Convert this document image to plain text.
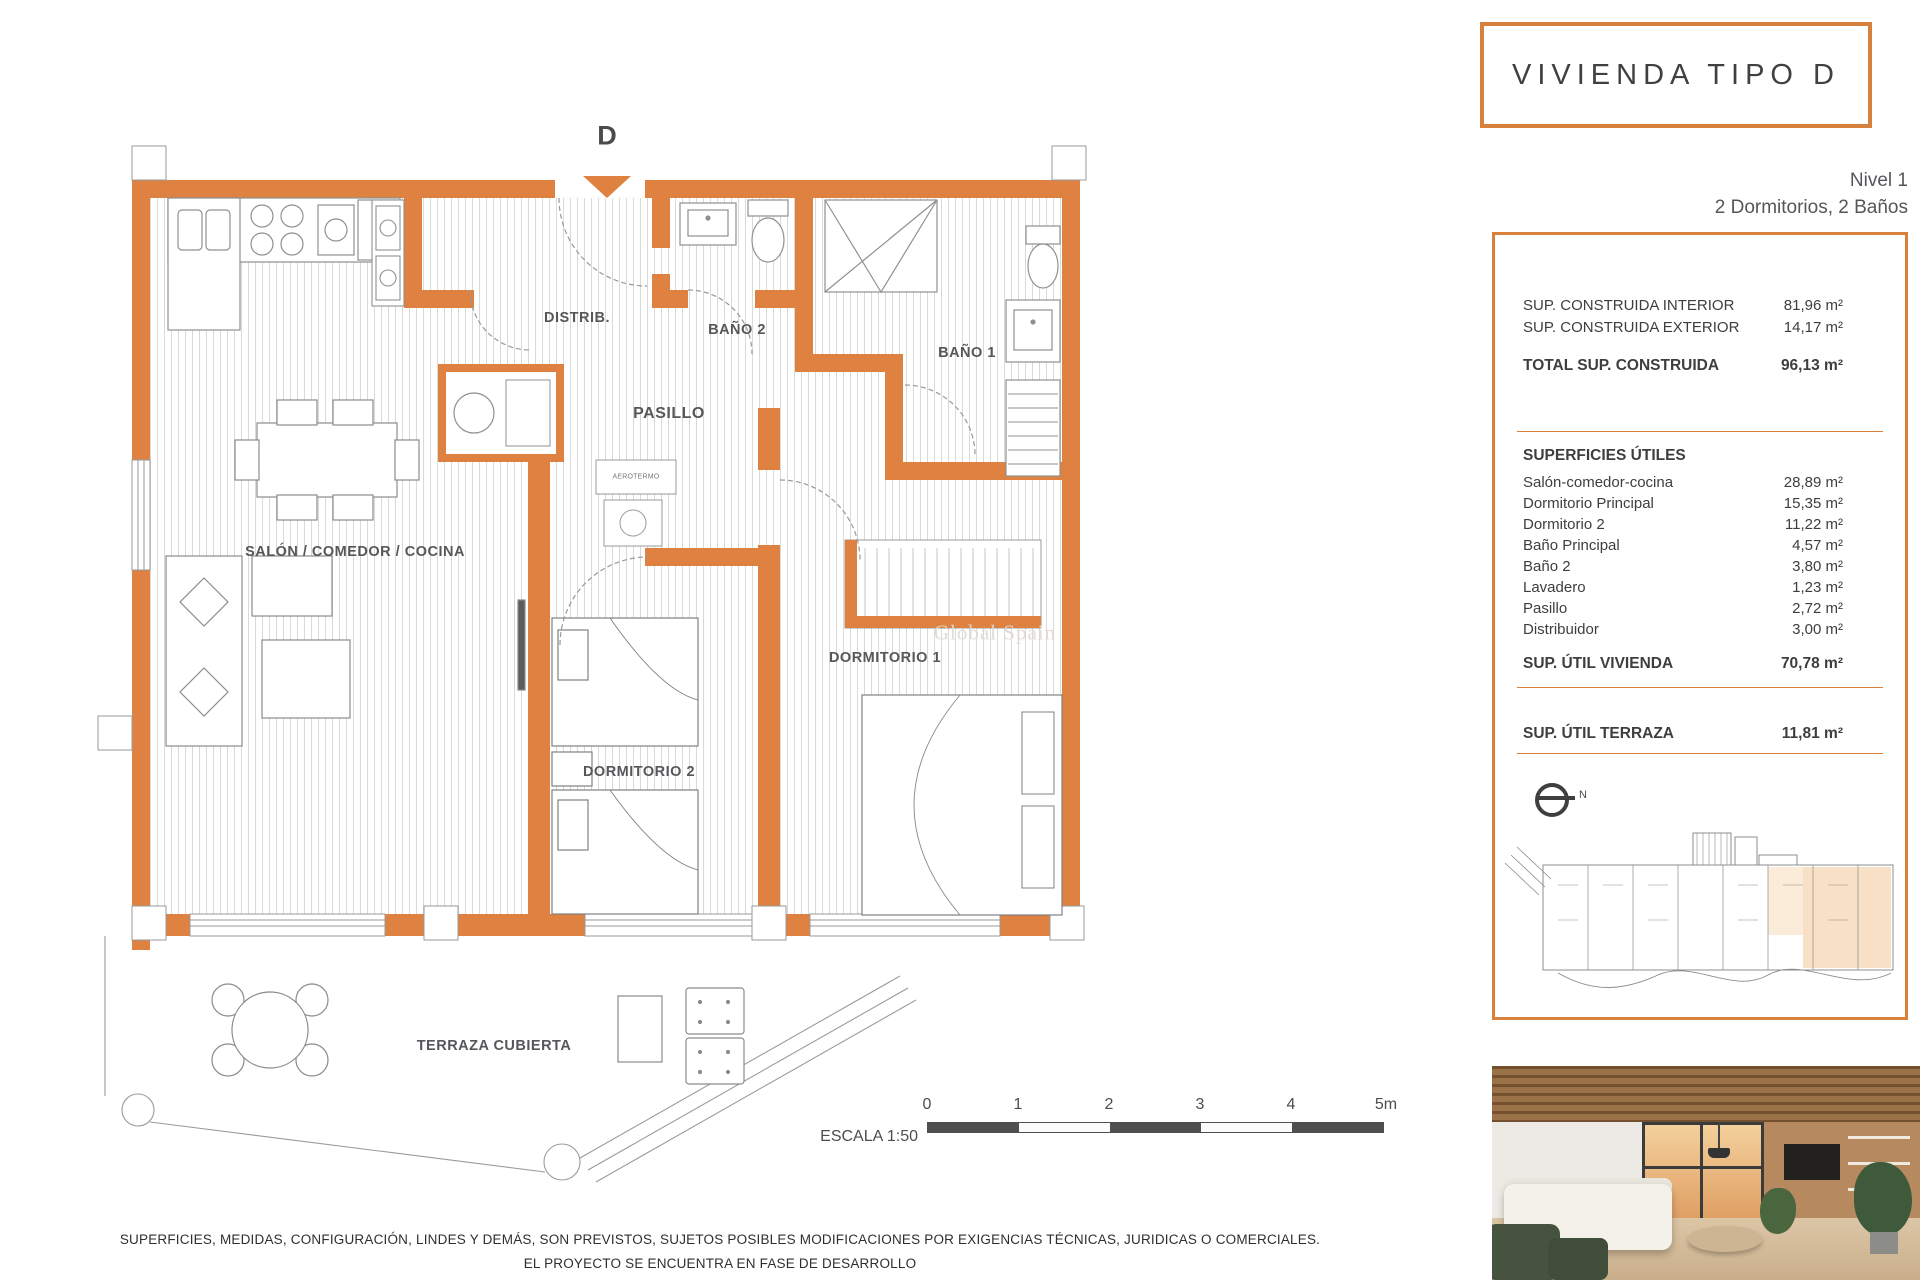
D
DISTRIB.
BAÑO 2
BAÑO 1
PASILLO
SALÓN / COMEDOR / COCINA
DORMITORIO 2
DORMITORIO 1
TERRAZA CUBIERTA
AEROTERMO
Global Spain
ESCALA 1:50
0	1	2	3	4	5m
SUPERFICIES, MEDIDAS, CONFIGURACIÓN, LINDES Y DEMÁS, SON PREVISTOS, SUJETOS POSIBLES MODIFICACIONES POR EXIGENCIAS TÉCNICAS, JURIDICAS O COMERCIALES.
EL PROYECTO SE ENCUENTRA EN FASE DE DESARROLLO
VIVIENDA TIPO D
Nivel 1
2 Dormitorios, 2 Baños
SUP. CONSTRUIDA INTERIOR	81,96 m²
SUP. CONSTRUIDA EXTERIOR	14,17 m²
TOTAL SUP. CONSTRUIDA	96,13 m²
SUPERFICIES ÚTILES
Salón-comedor-cocina	28,89 m²
Dormitorio Principal	15,35 m²
Dormitorio 2	11,22 m²
Baño Principal	4,57 m²
Baño 2	3,80 m²
Lavadero	1,23 m²
Pasillo	2,72 m²
Distribuidor	3,00 m²
SUP. ÚTIL VIVIENDA	70,78 m²
SUP. ÚTIL TERRAZA	11,81 m²
N
